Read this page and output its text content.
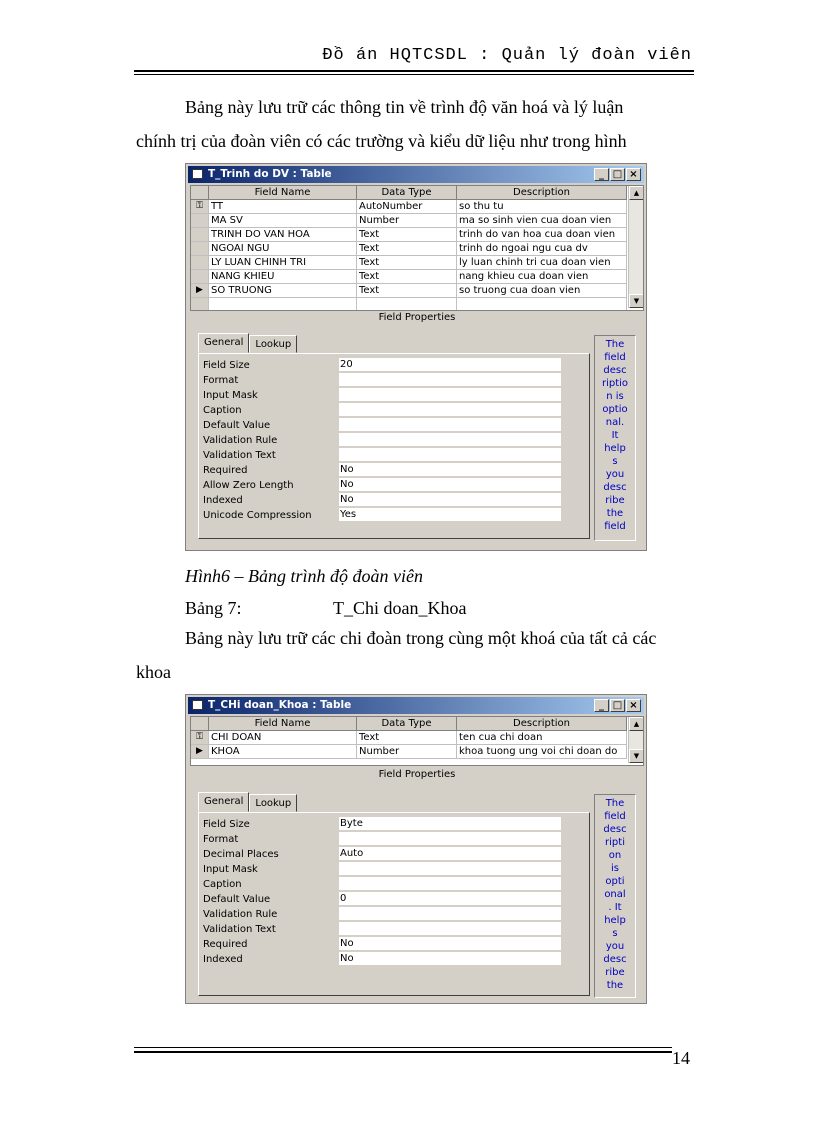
Đồ án HQTCSDL : Quản lý đoàn viên
Bảng này lưu trữ các thông tin về trình độ văn hoá và lý luận
chính trị của đoàn viên có các trường và kiểu dữ liệu như trong hình
T_Trinh do DV : Table	_ □ ×
Field Name	Data Type	Description
⚿ TT	AutoNumber	so thu tu
MA SV	Number	ma so sinh vien cua doan vien
TRINH DO VAN HOA	Text	trinh do van hoa cua doan vien
NGOAI NGU	Text	trinh do ngoai ngu cua dv
LY LUAN CHINH TRI	Text	ly luan chinh tri cua doan vien
NANG KHIEU	Text	nang khieu cua doan vien
▶ SO TRUONG	Text	so truong cua doan vien
▲
▼
Field Properties
General	Lookup
Field Size	20
Format
Input Mask
Caption
Default Value
Validation Rule
Validation Text
Required	No
Allow Zero Length	No
Indexed	No
Unicode Compression	Yes
The
field
desc
riptio
n is
optio
nal.
It
help
s
you
desc
ribe
the
field
Hình6 – Bảng trình độ đoàn viên
Bảng 7:	T_Chi doan_Khoa
Bảng này lưu trữ các chi đoàn trong cùng một khoá của tất cả các
khoa
T_CHi doan_Khoa : Table	_ □ ×
Field Name	Data Type	Description
⚿ CHI DOAN	Text	ten cua chi doan
▶ KHOA	Number	khoa tuong ung voi chi doan do
▲
▼
Field Properties
General	Lookup
Field Size	Byte
Format
Decimal Places	Auto
Input Mask
Caption
Default Value	0
Validation Rule
Validation Text
Required	No
Indexed	No
The
field
desc
ripti
on
is
opti
onal
. It
help
s
you
desc
ribe
the
14
